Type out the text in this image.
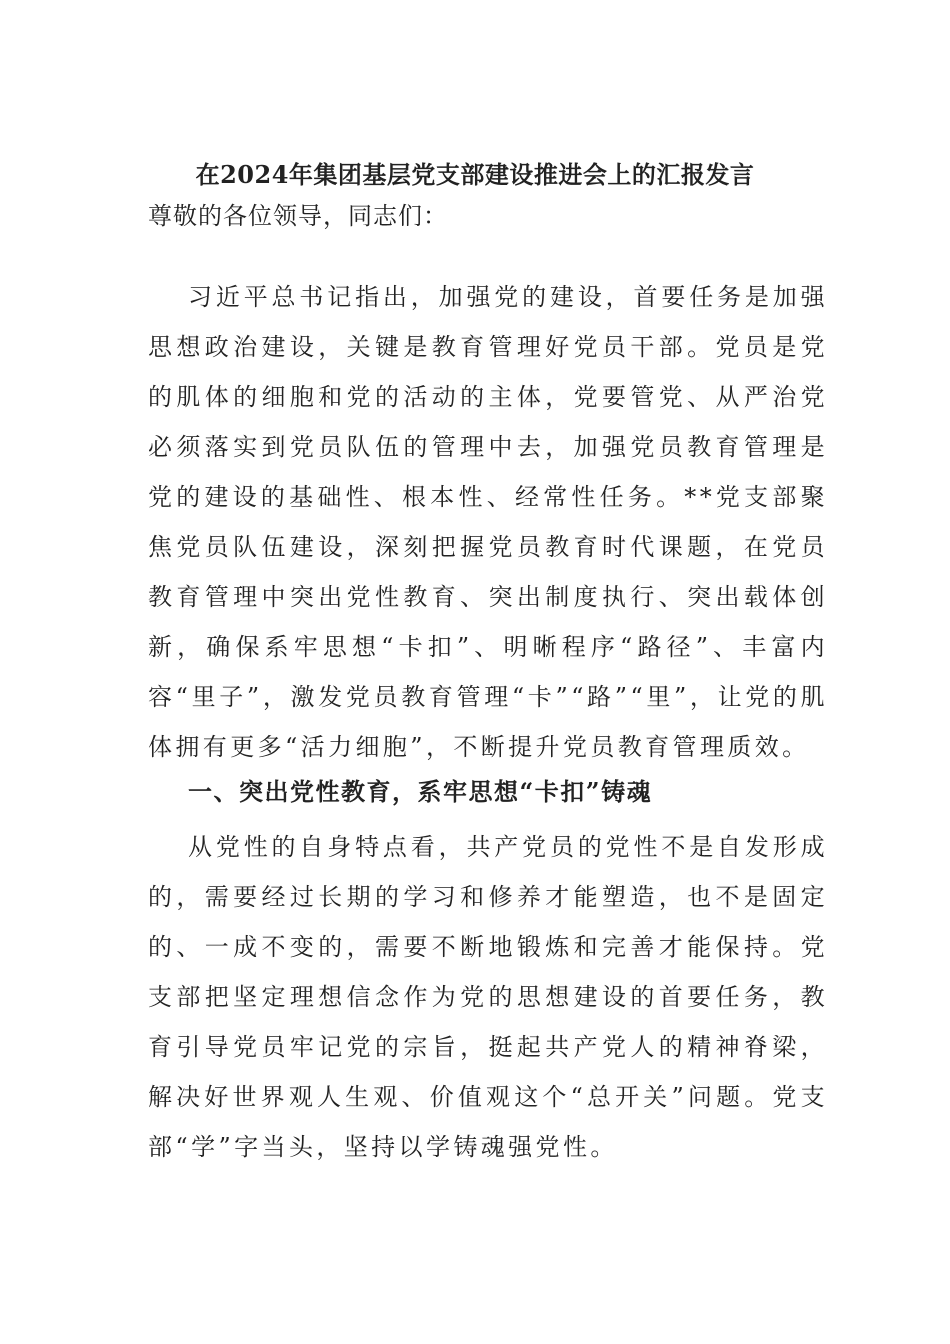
在2024年集团基层党支部建设推进会上的汇报发言

尊敬的各位领导，同志们：

习近平总书记指出，加强党的建设，首要任务是加强思想政治建设，关键是教育管理好党员干部。党员是党的肌体的细胞和党的活动的主体，党要管党、从严治党必须落实到党员队伍的管理中去，加强党员教育管理是党的建设的基础性、根本性、经常性任务。**党支部聚焦党员队伍建设，深刻把握党员教育时代课题，在党员教育管理中突出党性教育、突出制度执行、突出载体创新，确保系牢思想“卡扣”、明晰程序“路径”、丰富内容“里子”，激发党员教育管理“卡”“路”“里”，让党的肌体拥有更多“活力细胞”，不断提升党员教育管理质效。

一、突出党性教育，系牢思想“卡扣”铸魂

从党性的自身特点看，共产党员的党性不是自发形成的，需要经过长期的学习和修养才能塑造，也不是固定的、一成不变的，需要不断地锻炼和完善才能保持。党支部把坚定理想信念作为党的思想建设的首要任务，教育引导党员牢记党的宗旨，挺起共产党人的精神脊梁，解决好世界观人生观、价值观这个“总开关”问题。党支部“学”字当头，坚持以学铸魂强党性。
